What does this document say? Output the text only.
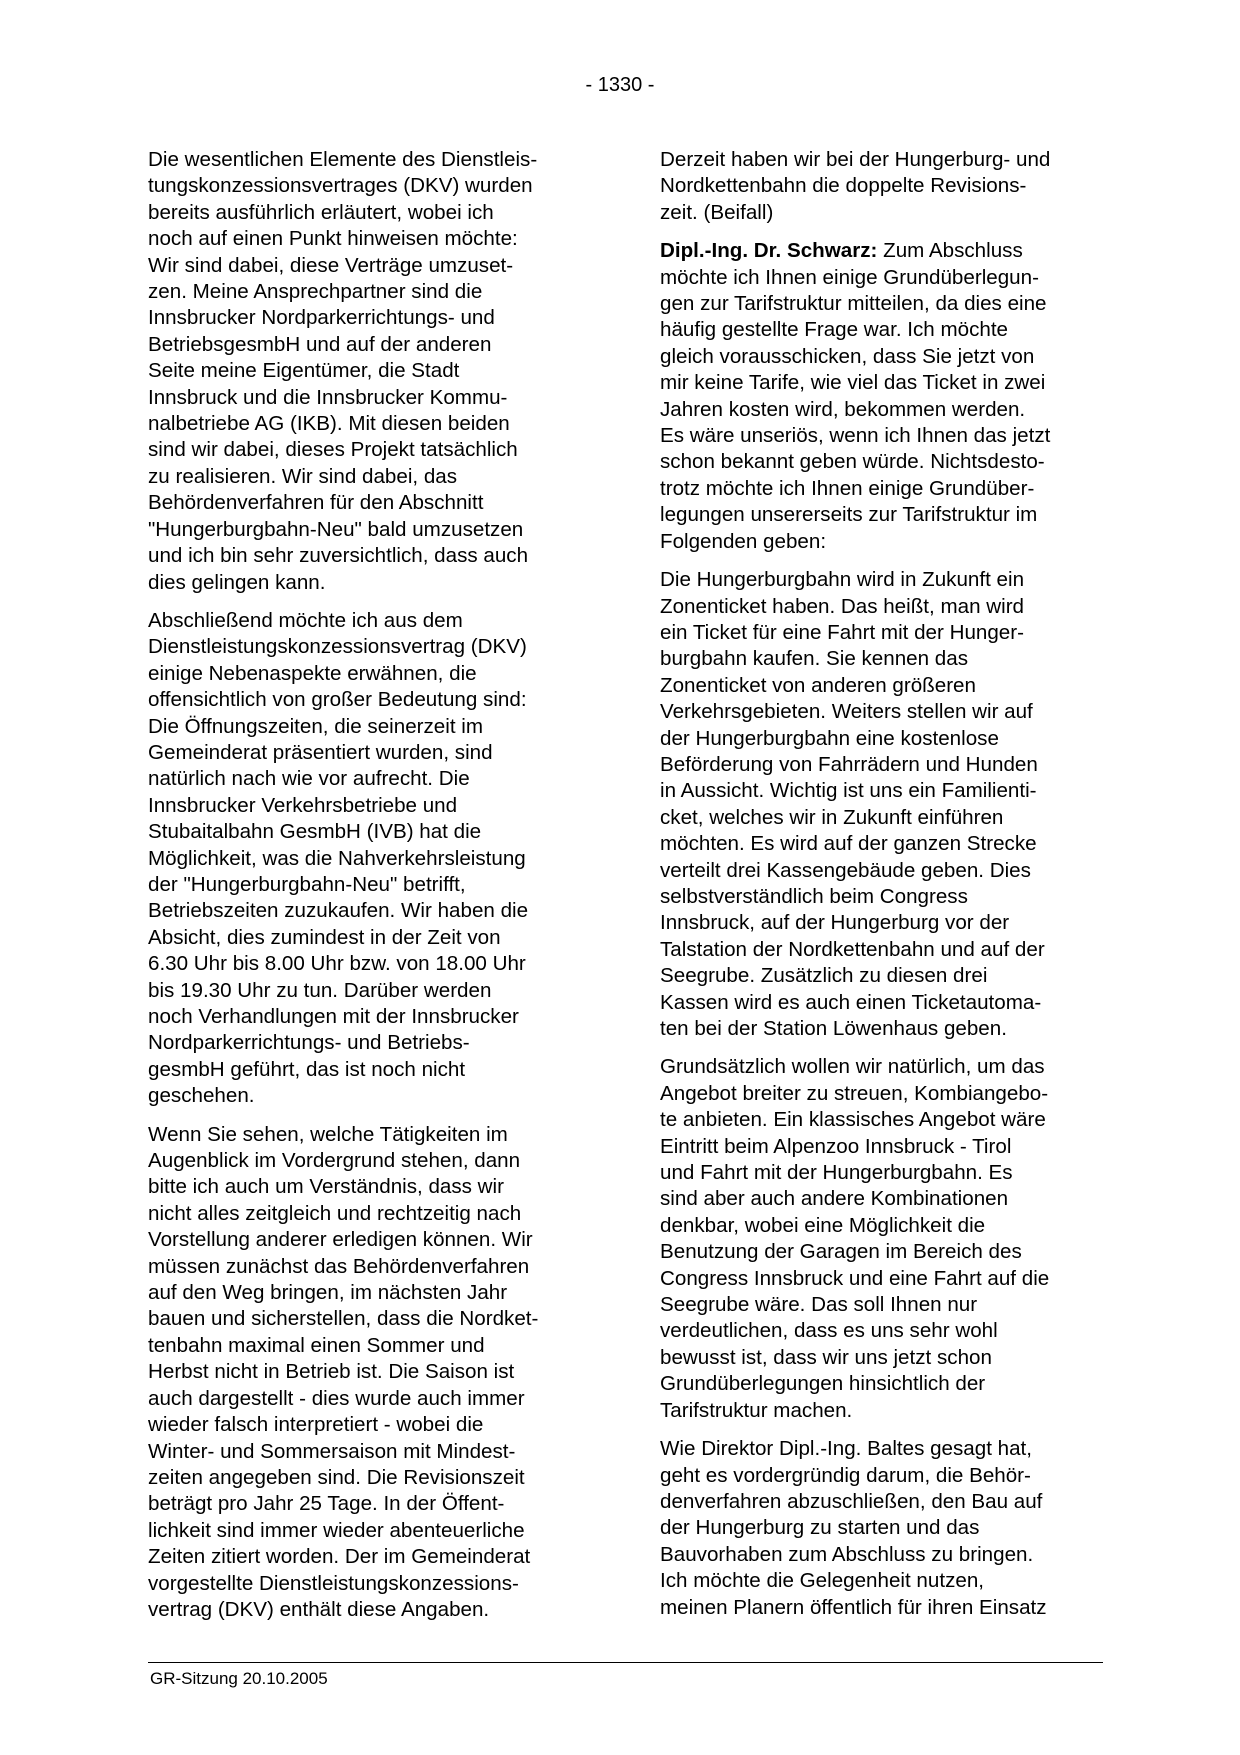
- 1330 -
Die wesentlichen Elemente des Dienstleis-
tungskonzessionsvertrages (DKV) wurden
bereits ausführlich erläutert, wobei ich
noch auf einen Punkt hinweisen möchte:
Wir sind dabei, diese Verträge umzuset-
zen. Meine Ansprechpartner sind die
Innsbrucker Nordparkerrichtungs- und
BetriebsgesmbH und auf der anderen
Seite meine Eigentümer, die Stadt
Innsbruck und die Innsbrucker Kommu-
nalbetriebe AG (IKB). Mit diesen beiden
sind wir dabei, dieses Projekt tatsächlich
zu realisieren. Wir sind dabei, das
Behördenverfahren für den Abschnitt
"Hungerburgbahn-Neu" bald umzusetzen
und ich bin sehr zuversichtlich, dass auch
dies gelingen kann.
Abschließend möchte ich aus dem
Dienstleistungskonzessionsvertrag (DKV)
einige Nebenaspekte erwähnen, die
offensichtlich von großer Bedeutung sind:
Die Öffnungszeiten, die seinerzeit im
Gemeinderat präsentiert wurden, sind
natürlich nach wie vor aufrecht. Die
Innsbrucker Verkehrsbetriebe und
Stubaitalbahn GesmbH (IVB) hat die
Möglichkeit, was die Nahverkehrsleistung
der "Hungerburgbahn-Neu" betrifft,
Betriebszeiten zuzukaufen. Wir haben die
Absicht, dies zumindest in der Zeit von
6.30 Uhr bis 8.00 Uhr bzw. von 18.00 Uhr
bis 19.30 Uhr zu tun. Darüber werden
noch Verhandlungen mit der Innsbrucker
Nordparkerrichtungs- und Betriebs-
gesmbH geführt, das ist noch nicht
geschehen.
Wenn Sie sehen, welche Tätigkeiten im
Augenblick im Vordergrund stehen, dann
bitte ich auch um Verständnis, dass wir
nicht alles zeitgleich und rechtzeitig nach
Vorstellung anderer erledigen können. Wir
müssen zunächst das Behördenverfahren
auf den Weg bringen, im nächsten Jahr
bauen und sicherstellen, dass die Nordket-
tenbahn maximal einen Sommer und
Herbst nicht in Betrieb ist. Die Saison ist
auch dargestellt - dies wurde auch immer
wieder falsch interpretiert - wobei die
Winter- und Sommersaison mit Mindest-
zeiten angegeben sind. Die Revisionszeit
beträgt pro Jahr 25 Tage. In der Öffent-
lichkeit sind immer wieder abenteuerliche
Zeiten zitiert worden. Der im Gemeinderat
vorgestellte Dienstleistungskonzessions-
vertrag (DKV) enthält diese Angaben.
Derzeit haben wir bei der Hungerburg- und
Nordkettenbahn die doppelte Revisions-
zeit. (Beifall)
Dipl.-Ing. Dr. Schwarz: Zum Abschluss
möchte ich Ihnen einige Grundüberlegun-
gen zur Tarifstruktur mitteilen, da dies eine
häufig gestellte Frage war. Ich möchte
gleich vorausschicken, dass Sie jetzt von
mir keine Tarife, wie viel das Ticket in zwei
Jahren kosten wird, bekommen werden.
Es wäre unseriös, wenn ich Ihnen das jetzt
schon bekannt geben würde. Nichtsdesto-
trotz möchte ich Ihnen einige Grundüber-
legungen unsererseits zur Tarifstruktur im
Folgenden geben:
Die Hungerburgbahn wird in Zukunft ein
Zonenticket haben. Das heißt, man wird
ein Ticket für eine Fahrt mit der Hunger-
burgbahn kaufen. Sie kennen das
Zonenticket von anderen größeren
Verkehrsgebieten. Weiters stellen wir auf
der Hungerburgbahn eine kostenlose
Beförderung von Fahrrädern und Hunden
in Aussicht. Wichtig ist uns ein Familienti-
cket, welches wir in Zukunft einführen
möchten. Es wird auf der ganzen Strecke
verteilt drei Kassengebäude geben. Dies
selbstverständlich beim Congress
Innsbruck, auf der Hungerburg vor der
Talstation der Nordkettenbahn und auf der
Seegrube. Zusätzlich zu diesen drei
Kassen wird es auch einen Ticketautoma-
ten bei der Station Löwenhaus geben.
Grundsätzlich wollen wir natürlich, um das
Angebot breiter zu streuen, Kombiangebo-
te anbieten. Ein klassisches Angebot wäre
Eintritt beim Alpenzoo Innsbruck - Tirol
und Fahrt mit der Hungerburgbahn. Es
sind aber auch andere Kombinationen
denkbar, wobei eine Möglichkeit die
Benutzung der Garagen im Bereich des
Congress Innsbruck und eine Fahrt auf die
Seegrube wäre. Das soll Ihnen nur
verdeutlichen, dass es uns sehr wohl
bewusst ist, dass wir uns jetzt schon
Grundüberlegungen hinsichtlich der
Tarifstruktur machen.
Wie Direktor Dipl.-Ing. Baltes gesagt hat,
geht es vordergründig darum, die Behör-
denverfahren abzuschließen, den Bau auf
der Hungerburg zu starten und das
Bauvorhaben zum Abschluss zu bringen.
Ich möchte die Gelegenheit nutzen,
meinen Planern öffentlich für ihren Einsatz
GR-Sitzung 20.10.2005
